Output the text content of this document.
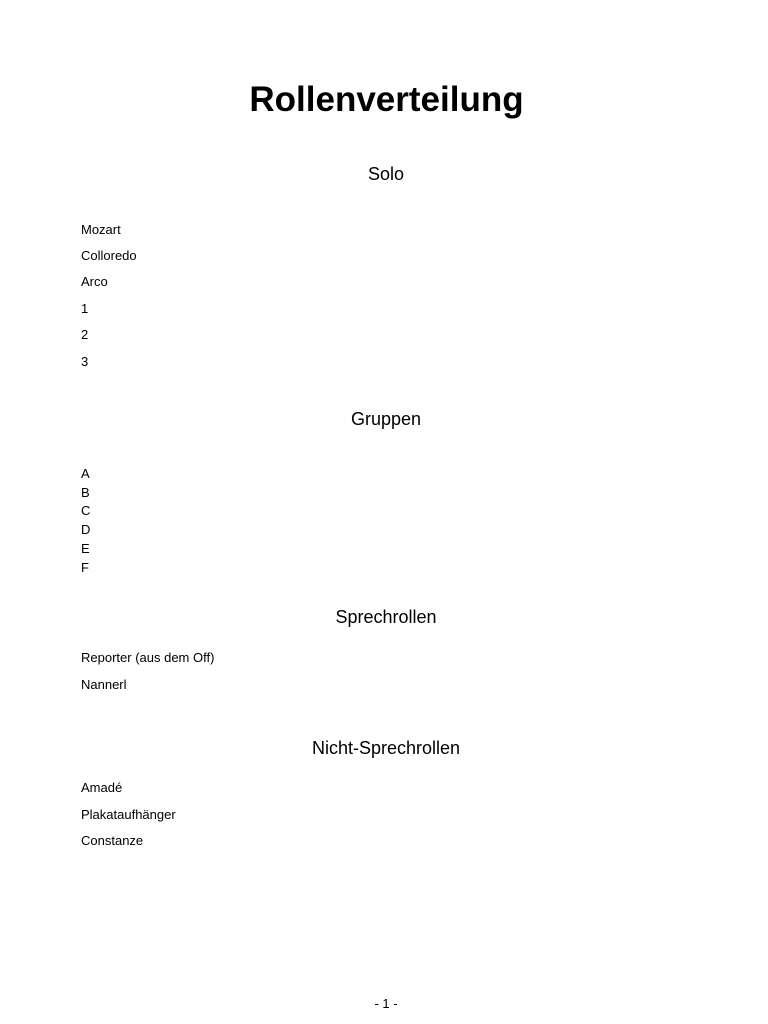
Rollenverteilung
Solo
Mozart
Colloredo
Arco
1
2
3
Gruppen
A
B
C
D
E
F
Sprechrollen
Reporter (aus dem Off)
Nannerl
Nicht-Sprechrollen
Amadé
Plakataufhänger
Constanze
- 1 -
